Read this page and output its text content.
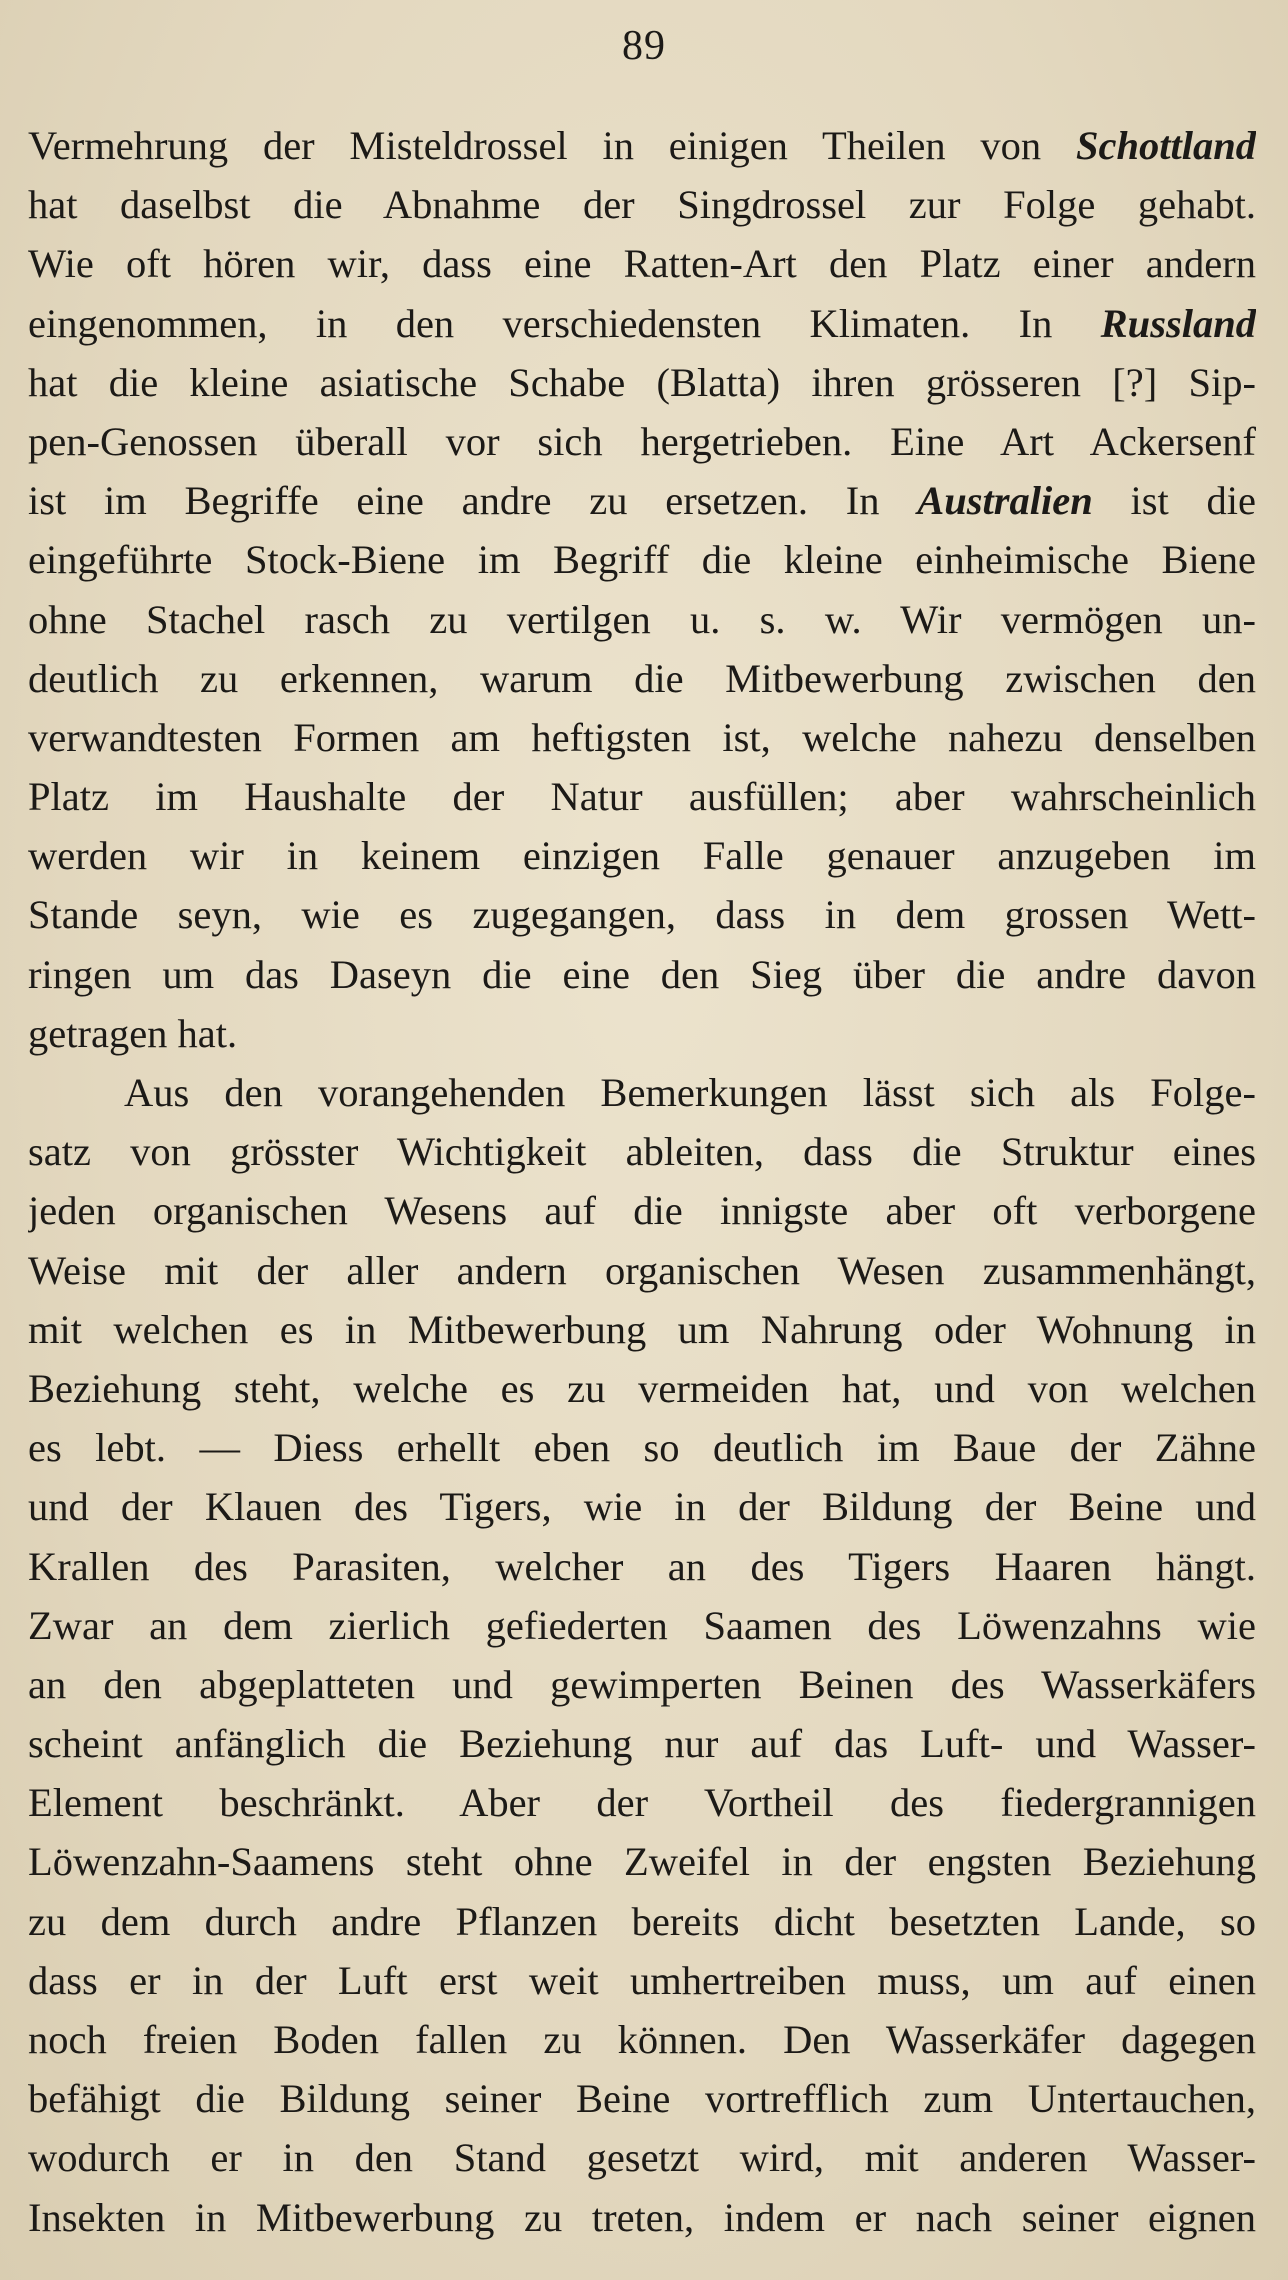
89
Vermehrung der Misteldrossel in einigen Theilen von Schottland
hat daselbst die Abnahme der Singdrossel zur Folge gehabt.
Wie oft hören wir, dass eine Ratten-Art den Platz einer andern
eingenommen, in den verschiedensten Klimaten. In Russland
hat die kleine asiatische Schabe (Blatta) ihren grösseren [?] Sip-
pen-Genossen überall vor sich hergetrieben. Eine Art Ackersenf
ist im Begriffe eine andre zu ersetzen. In Australien ist die
eingeführte Stock-Biene im Begriff die kleine einheimische Biene
ohne Stachel rasch zu vertilgen u. s. w. Wir vermögen un-
deutlich zu erkennen, warum die Mitbewerbung zwischen den
verwandtesten Formen am heftigsten ist, welche nahezu denselben
Platz im Haushalte der Natur ausfüllen; aber wahrscheinlich
werden wir in keinem einzigen Falle genauer anzugeben im
Stande seyn, wie es zugegangen, dass in dem grossen Wett-
ringen um das Daseyn die eine den Sieg über die andre davon
getragen hat.
Aus den vorangehenden Bemerkungen lässt sich als Folge-
satz von grösster Wichtigkeit ableiten, dass die Struktur eines
jeden organischen Wesens auf die innigste aber oft verborgene
Weise mit der aller andern organischen Wesen zusammenhängt,
mit welchen es in Mitbewerbung um Nahrung oder Wohnung in
Beziehung steht, welche es zu vermeiden hat, und von welchen
es lebt. — Diess erhellt eben so deutlich im Baue der Zähne
und der Klauen des Tigers, wie in der Bildung der Beine und
Krallen des Parasiten, welcher an des Tigers Haaren hängt.
Zwar an dem zierlich gefiederten Saamen des Löwenzahns wie
an den abgeplatteten und gewimperten Beinen des Wasserkäfers
scheint anfänglich die Beziehung nur auf das Luft- und Wasser-
Element beschränkt. Aber der Vortheil des fiedergrannigen
Löwenzahn-Saamens steht ohne Zweifel in der engsten Beziehung
zu dem durch andre Pflanzen bereits dicht besetzten Lande, so
dass er in der Luft erst weit umhertreiben muss, um auf einen
noch freien Boden fallen zu können. Den Wasserkäfer dagegen
befähigt die Bildung seiner Beine vortrefflich zum Untertauchen,
wodurch er in den Stand gesetzt wird, mit anderen Wasser-
Insekten in Mitbewerbung zu treten, indem er nach seiner eignen
